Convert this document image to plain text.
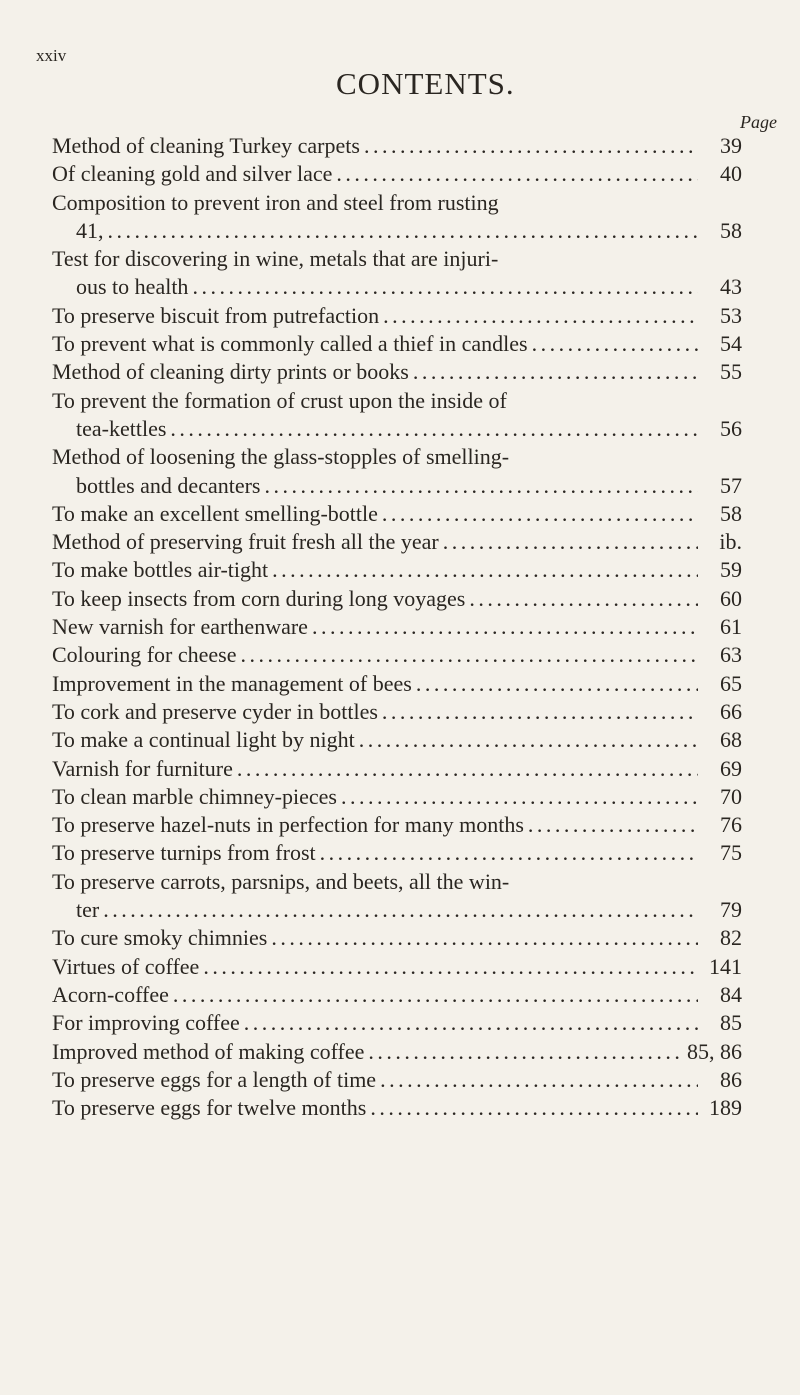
xxiv
CONTENTS.
Page
Method of cleaning Turkey carpets . . .	39
Of cleaning gold and silver lace . . .	40
Composition to prevent iron and steel from rusting
41, . . .	58
Test for discovering in wine, metals that are injuri-
ous to health . . .	43
To preserve biscuit from putrefaction . . .	53
To prevent what is commonly called a thief in candles . . .	54
Method of cleaning dirty prints or books . . .	55
To prevent the formation of crust upon the inside of
tea-kettles . . .	56
Method of loosening the glass-stopples of smelling-
bottles and decanters . . .	57
To make an excellent smelling-bottle . . .	58
Method of preserving fruit fresh all the year . . .	ib.
To make bottles air-tight . . .	59
To keep insects from corn during long voyages . . .	60
New varnish for earthenware . . .	61
Colouring for cheese . . .	63
Improvement in the management of bees . . .	65
To cork and preserve cyder in bottles . . .	66
To make a continual light by night . . .	68
Varnish for furniture . . .	69
To clean marble chimney-pieces . . .	70
To preserve hazel-nuts in perfection for many months . . .	76
To preserve turnips from frost . . .	75
To preserve carrots, parsnips, and beets, all the win-
ter . . .	79
To cure smoky chimnies . . .	82
Virtues of coffee . . .	141
Acorn-coffee . . .	84
For improving coffee . . .	85
Improved method of making coffee . . .	85, 86
To preserve eggs for a length of time . . .	86
To preserve eggs for twelve months . . .	189
